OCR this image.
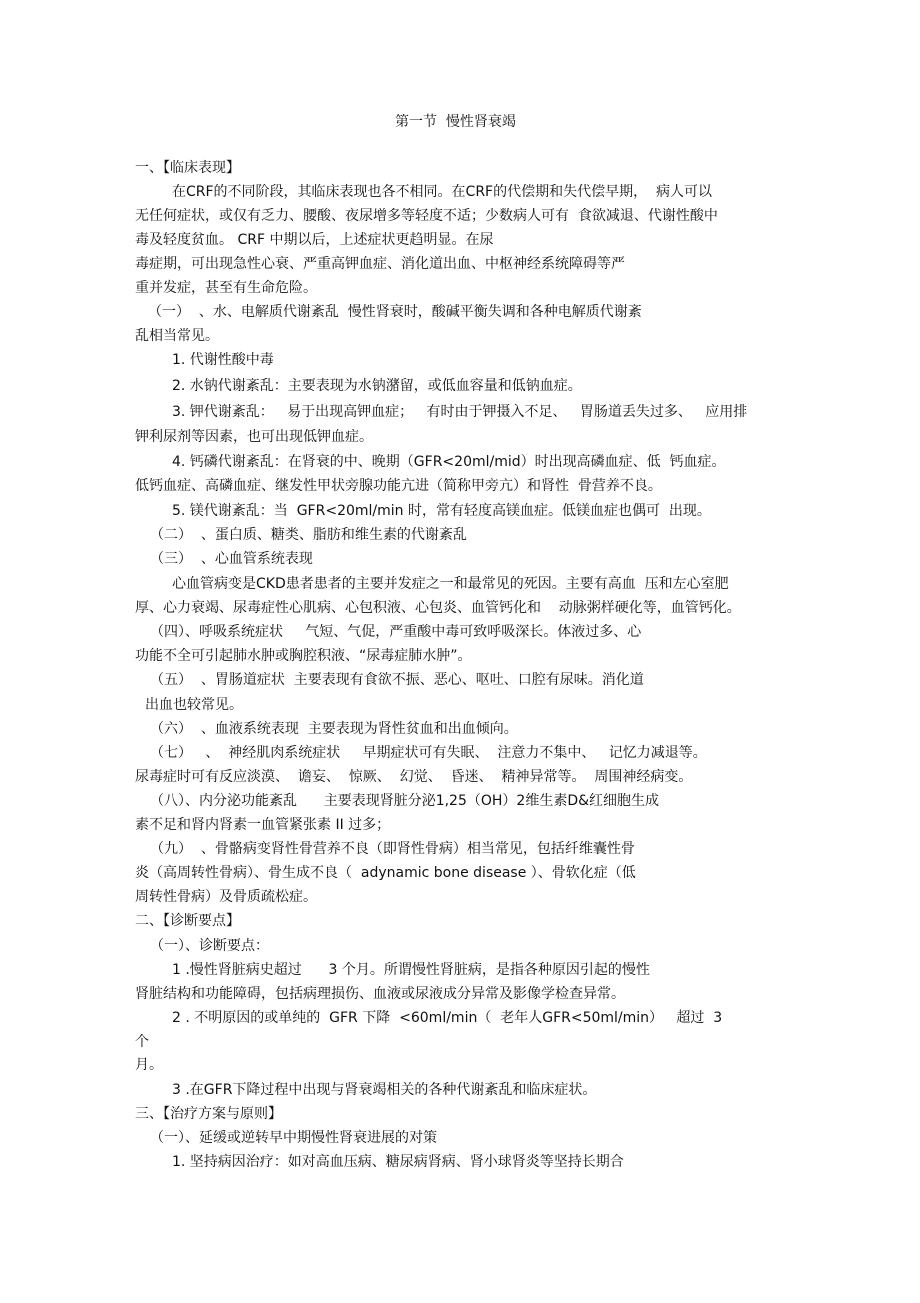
第一节  慢性肾衰竭
一、【临床表现】
在CRF的不同阶段，其临床表现也各不相同。在CRF的代偿期和失代偿早期，  病人可以
无任何症状，或仅有乏力、腰酸、夜尿增多等轻度不适；少数病人可有  食欲减退、代谢性酸中
毒及轻度贫血。 CRF 中期以后，上述症状更趋明显。在尿
毒症期，可出现急性心衰、严重高钾血症、消化道出血、中枢神经系统障碍等严
重并发症，甚至有生命危险。
（一）  、水、电解质代谢紊乱  慢性肾衰时，酸碱平衡失调和各种电解质代谢紊
乱相当常见。
1. 代谢性酸中毒
2. 水钠代谢紊乱：主要表现为水钠潴留，或低血容量和低钠血症。
3. 钾代谢紊乱：   易于出现高钾血症；   有时由于钾摄入不足、   胃肠道丢失过多、   应用排
钾利尿剂等因素，也可出现低钾血症。
4. 钙磷代谢紊乱：在肾衰的中、晚期（GFR<20ml/mid）时出现高磷血症、低  钙血症。
低钙血症、高磷血症、继发性甲状旁腺功能亢进（简称甲旁亢）和肾性  骨营养不良。
5. 镁代谢紊乱：当  GFR<20ml/min 时，常有轻度高镁血症。低镁血症也偶可  出现。
（二）  、蛋白质、糖类、脂肪和维生素的代谢紊乱
（三）  、心血管系统表现
心血管病变是CKD患者患者的主要并发症之一和最常见的死因。主要有高血  压和左心室肥
厚、心力衰竭、尿毒症性心肌病、心包积液、心包炎、血管钙化和    动脉粥样硬化等，血管钙化。
（四）、呼吸系统症状     气短、气促，严重酸中毒可致呼吸深长。体液过多、心
功能不全可引起肺水肿或胸腔积液、“尿毒症肺水肿”。
（五）  、胃肠道症状  主要表现有食欲不振、恶心、呕吐、口腔有尿味。消化道
出血也较常见。
（六）  、血液系统表现  主要表现为肾性贫血和出血倾向。
（七）   、  神经肌肉系统症状     早期症状可有失眠、  注意力不集中、   记忆力减退等。
尿毒症时可有反应淡漠、  谵妄、  惊厥、  幻觉、  昏迷、  精神异常等。  周围神经病变。
（八）、内分泌功能紊乱      主要表现肾脏分泌1,25（OH）2维生素D&红细胞生成
素不足和肾内肾素一血管紧张素 II 过多；
（九）  、骨骼病变肾性骨营养不良（即肾性骨病）相当常见，包括纤维囊性骨
炎（高周转性骨病）、骨生成不良（  adynamic bone disease ）、骨软化症（低
周转性骨病）及骨质疏松症。
二、【诊断要点】
（一）、诊断要点：
1 .慢性肾脏病史超过      3 个月。所谓慢性肾脏病，是指各种原因引起的慢性
肾脏结构和功能障碍，包括病理损伤、血液或尿液成分异常及影像学检查异常。
2 . 不明原因的或单纯的  GFR 下降  <60ml/min（  老年人GFR<50ml/min）   超过  3
个
月。
3 .在GFR下降过程中出现与肾衰竭相关的各种代谢紊乱和临床症状。
三、【治疗方案与原则】
（一）、延缓或逆转早中期慢性肾衰进展的对策
1. 坚持病因治疗：如对高血压病、糖尿病肾病、肾小球肾炎等坚持长期合
